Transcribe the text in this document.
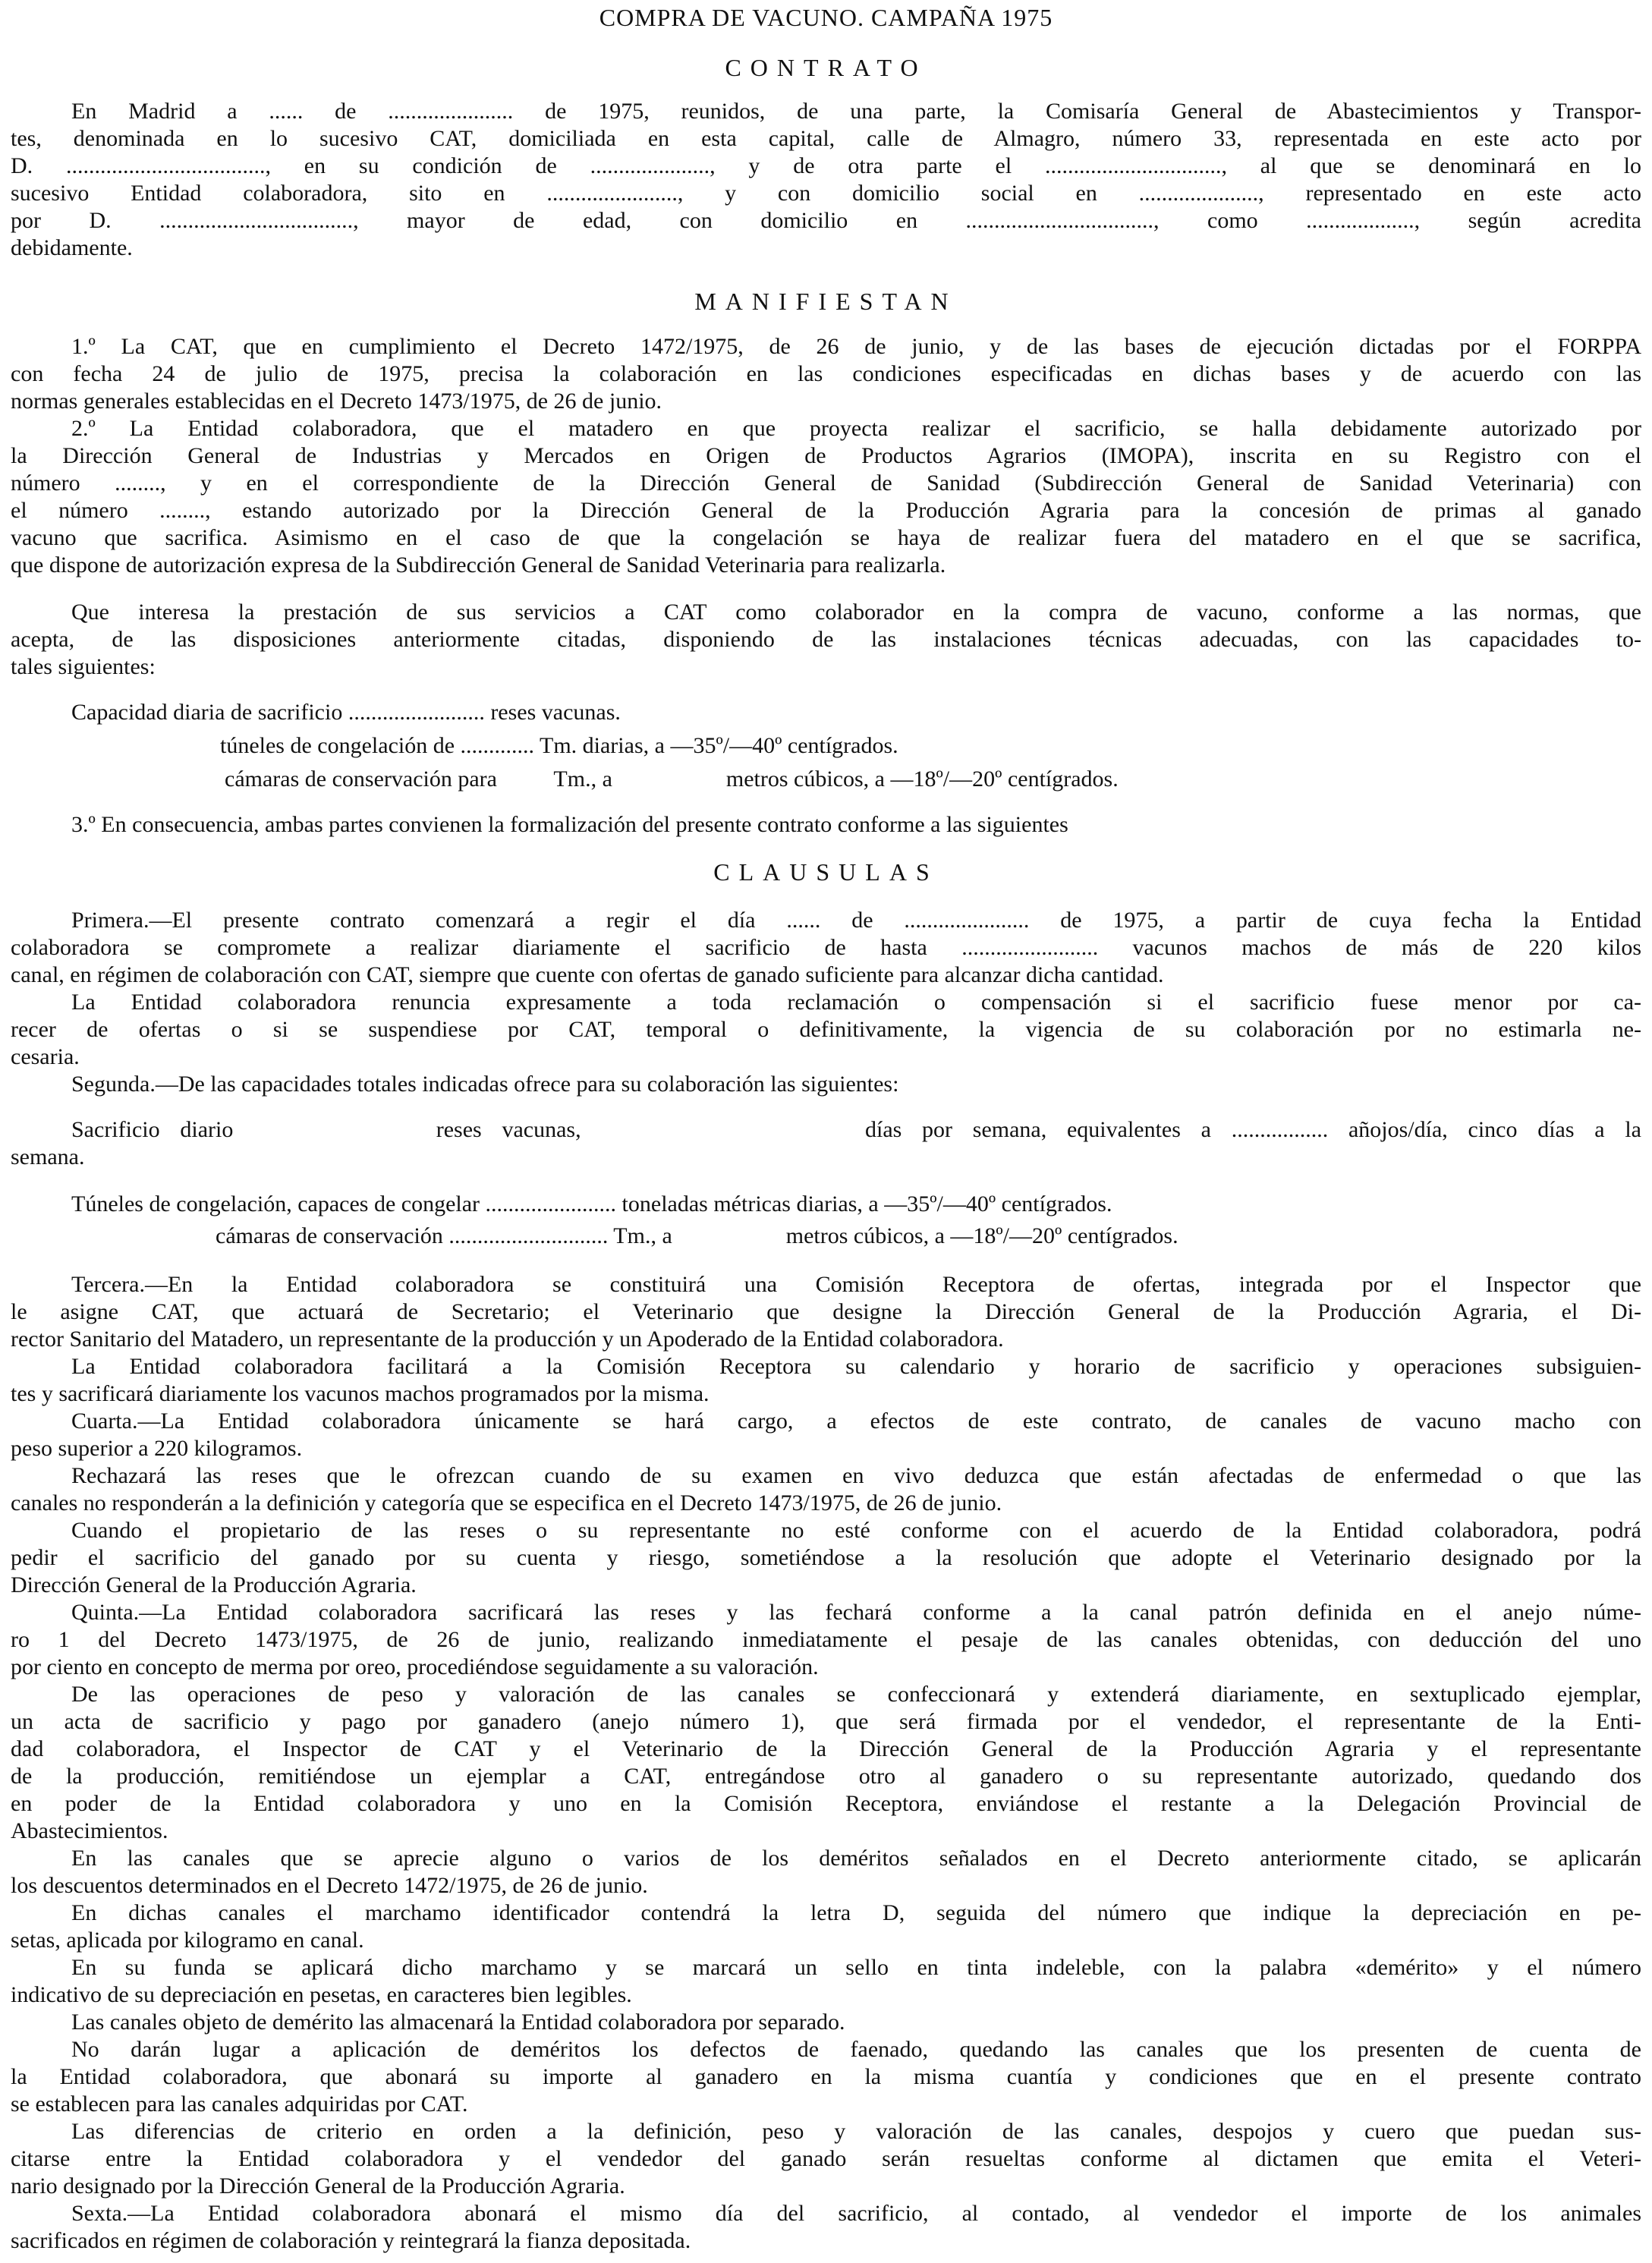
COMPRA DE VACUNO. CAMPAÑA 1975

CONTRATO

En Madrid a ...... de ...................... de 1975, reunidos, de una parte, la Comisaría General de Abastecimientos y Transpor-

tes, denominada en lo sucesivo CAT, domiciliada en esta capital, calle de Almagro, número 33, representada en este acto por

D. ..................................., en su condición de ....................., y de otra parte el ..............................., al que se denominará en lo

sucesivo Entidad colaboradora, sito en ......................., y con domicilio social en ....................., representado en este acto

por D. .................................., mayor de edad, con domicilio en ................................., como ..................., según acredita

debidamente.

MANIFIESTAN

1.º La CAT, que en cumplimiento el Decreto 1472/1975, de 26 de junio, y de las bases de ejecución dictadas por el FORPPA

con fecha 24 de julio de 1975, precisa la colaboración en las condiciones especificadas en dichas bases y de acuerdo con las

normas generales establecidas en el Decreto 1473/1975, de 26 de junio.

2.º La Entidad colaboradora, que el matadero en que proyecta realizar el sacrificio, se halla debidamente autorizado por

la Dirección General de Industrias y Mercados en Origen de Productos Agrarios (IMOPA), inscrita en su Registro con el

número ........, y en el correspondiente de la Dirección General de Sanidad (Subdirección General de Sanidad Veterinaria) con

el número ........, estando autorizado por la Dirección General de la Producción Agraria para la concesión de primas al ganado

vacuno que sacrifica. Asimismo en el caso de que la congelación se haya de realizar fuera del matadero en el que se sacrifica,

que dispone de autorización expresa de la Subdirección General de Sanidad Veterinaria para realizarla.

Que interesa la prestación de sus servicios a CAT como colaborador en la compra de vacuno, conforme a las normas, que

acepta, de las disposiciones anteriormente citadas, disponiendo de las instalaciones técnicas adecuadas, con las capacidades to-

tales siguientes:

Capacidad diaria de sacrificio ........................ reses vacunas.

túneles de congelación de ............. Tm. diarias, a —35º/—40º centígrados.

cámaras de conservación para          Tm., a                    metros cúbicos, a —18º/—20º centígrados.

3.º En consecuencia, ambas partes convienen la formalización del presente contrato conforme a las siguientes

CLAUSULAS

Primera.—El presente contrato comenzará a regir el día ...... de ...................... de 1975, a partir de cuya fecha la Entidad

colaboradora se compromete a realizar diariamente el sacrificio de hasta ........................ vacunos machos de más de 220 kilos

canal, en régimen de colaboración con CAT, siempre que cuente con ofertas de ganado suficiente para alcanzar dicha cantidad.

La Entidad colaboradora renuncia expresamente a toda reclamación o compensación si el sacrificio fuese menor por ca-

recer de ofertas o si se suspendiese por CAT, temporal o definitivamente, la vigencia de su colaboración por no estimarla ne-

cesaria.

Segunda.—De las capacidades totales indicadas ofrece para su colaboración las siguientes:

Sacrificio diario          reses vacunas,              días por semana, equivalentes a ................. añojos/día, cinco días a la

semana.

Túneles de congelación, capaces de congelar ....................... toneladas métricas diarias, a —35º/—40º centígrados.

cámaras de conservación ............................ Tm., a                    metros cúbicos, a —18º/—20º centígrados.

Tercera.—En la Entidad colaboradora se constituirá una Comisión Receptora de ofertas, integrada por el Inspector que

le asigne CAT, que actuará de Secretario; el Veterinario que designe la Dirección General de la Producción Agraria, el Di-

rector Sanitario del Matadero, un representante de la producción y un Apoderado de la Entidad colaboradora.

La Entidad colaboradora facilitará a la Comisión Receptora su calendario y horario de sacrificio y operaciones subsiguien-

tes y sacrificará diariamente los vacunos machos programados por la misma.

Cuarta.—La Entidad colaboradora únicamente se hará cargo, a efectos de este contrato, de canales de vacuno macho con

peso superior a 220 kilogramos.

Rechazará las reses que le ofrezcan cuando de su examen en vivo deduzca que están afectadas de enfermedad o que las

canales no responderán a la definición y categoría que se especifica en el Decreto 1473/1975, de 26 de junio.

Cuando el propietario de las reses o su representante no esté conforme con el acuerdo de la Entidad colaboradora, podrá

pedir el sacrificio del ganado por su cuenta y riesgo, sometiéndose a la resolución que adopte el Veterinario designado por la

Dirección General de la Producción Agraria.

Quinta.—La Entidad colaboradora sacrificará las reses y las fechará conforme a la canal patrón definida en el anejo núme-

ro 1 del Decreto 1473/1975, de 26 de junio, realizando inmediatamente el pesaje de las canales obtenidas, con deducción del uno

por ciento en concepto de merma por oreo, procediéndose seguidamente a su valoración.

De las operaciones de peso y valoración de las canales se confeccionará y extenderá diariamente, en sextuplicado ejemplar,

un acta de sacrificio y pago por ganadero (anejo número 1), que será firmada por el vendedor, el representante de la Enti-

dad colaboradora, el Inspector de CAT y el Veterinario de la Dirección General de la Producción Agraria y el representante

de la producción, remitiéndose un ejemplar a CAT, entregándose otro al ganadero o su representante autorizado, quedando dos

en poder de la Entidad colaboradora y uno en la Comisión Receptora, enviándose el restante a la Delegación Provincial de

Abastecimientos.

En las canales que se aprecie alguno o varios de los deméritos señalados en el Decreto anteriormente citado, se aplicarán

los descuentos determinados en el Decreto 1472/1975, de 26 de junio.

En dichas canales el marchamo identificador contendrá la letra D, seguida del número que indique la depreciación en pe-

setas, aplicada por kilogramo en canal.

En su funda se aplicará dicho marchamo y se marcará un sello en tinta indeleble, con la palabra «demérito» y el número

indicativo de su depreciación en pesetas, en caracteres bien legibles.

Las canales objeto de demérito las almacenará la Entidad colaboradora por separado.

No darán lugar a aplicación de deméritos los defectos de faenado, quedando las canales que los presenten de cuenta de

la Entidad colaboradora, que abonará su importe al ganadero en la misma cuantía y condiciones que en el presente contrato

se establecen para las canales adquiridas por CAT.

Las diferencias de criterio en orden a la definición, peso y valoración de las canales, despojos y cuero que puedan sus-

citarse entre la Entidad colaboradora y el vendedor del ganado serán resueltas conforme al dictamen que emita el Veteri-

nario designado por la Dirección General de la Producción Agraria.

Sexta.—La Entidad colaboradora abonará el mismo día del sacrificio, al contado, al vendedor el importe de los animales

sacrificados en régimen de colaboración y reintegrará la fianza depositada.
